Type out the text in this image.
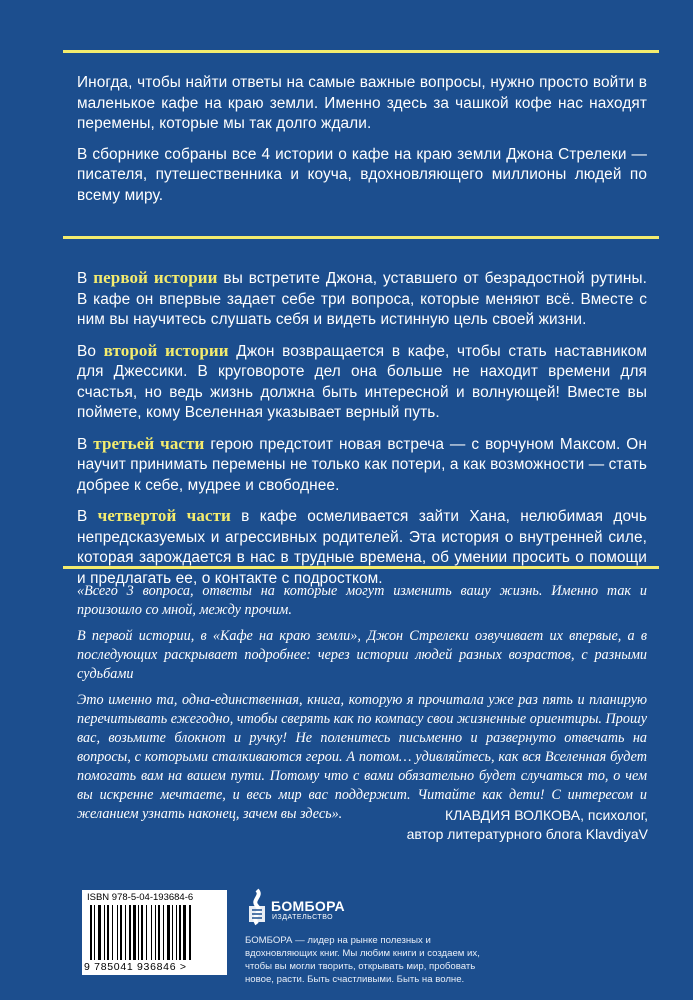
Иногда, чтобы найти ответы на самые важные вопросы, нужно просто войти в маленькое кафе на краю земли. Именно здесь за чашкой кофе нас находят перемены, которые мы так долго ждали.

В сборнике собраны все 4 истории о кафе на краю земли Джона Стрелеки — писателя, путешественника и коуча, вдохновляющего миллионы людей по всему миру.

В первой истории вы встретите Джона, уставшего от безрадостной рутины. В кафе он впервые задает себе три вопроса, которые меняют всё. Вместе с ним вы научитесь слушать себя и видеть истинную цель своей жизни.

Во второй истории Джон возвращается в кафе, чтобы стать наставником для Джессики. В круговороте дел она больше не находит времени для счастья, но ведь жизнь должна быть интересной и волнующей! Вместе вы поймете, кому Вселенная указывает верный путь.

В третьей части герою предстоит новая встреча — с ворчуном Максом. Он научит принимать перемены не только как потери, а как возможности — стать добрее к себе, мудрее и свободнее.

В четвертой части в кафе осмеливается зайти Хана, нелюбимая дочь непредсказуемых и агрессивных родителей. Эта история о внутренней силе, которая зарождается в нас в трудные времена, об умении просить о помощи и предлагать ее, о контакте с подростком.

«Всего 3 вопроса, ответы на которые могут изменить вашу жизнь. Именно так и произошло со мной, между прочим.

В первой истории, в «Кафе на краю земли», Джон Стрелеки озвучивает их впервые, а в последующих раскрывает подробнее: через истории людей разных возрастов, с разными судьбами

Это именно та, одна-единственная, книга, которую я прочитала уже раз пять и планирую перечитывать ежегодно, чтобы сверять как по компасу свои жизненные ориентиры. Прошу вас, возьмите блокнот и ручку! Не поленитесь письменно и развернуто отвечать на вопросы, с которыми сталкиваются герои. А потом… удивляйтесь, как вся Вселенная будет помогать вам на вашем пути. Потому что с вами обязательно будет случаться то, о чем вы искренне мечтаете, и весь мир вас поддержит. Читайте как дети! С интересом и желанием узнать наконец, зачем вы здесь».	КЛАВДИЯ ВОЛКОВА, психолог,
автор литературного блога KlavdiyaV
ISBN 978-5-04-193684-6
9 785041 936846 >
БОМБОРА
ИЗДАТЕЛЬСТВО
БОМБОРА — лидер на рынке полезных и вдохновляющих книг. Мы любим книги и создаем их, чтобы вы могли творить, открывать мир, пробовать новое, расти. Быть счастливыми. Быть на волне.
